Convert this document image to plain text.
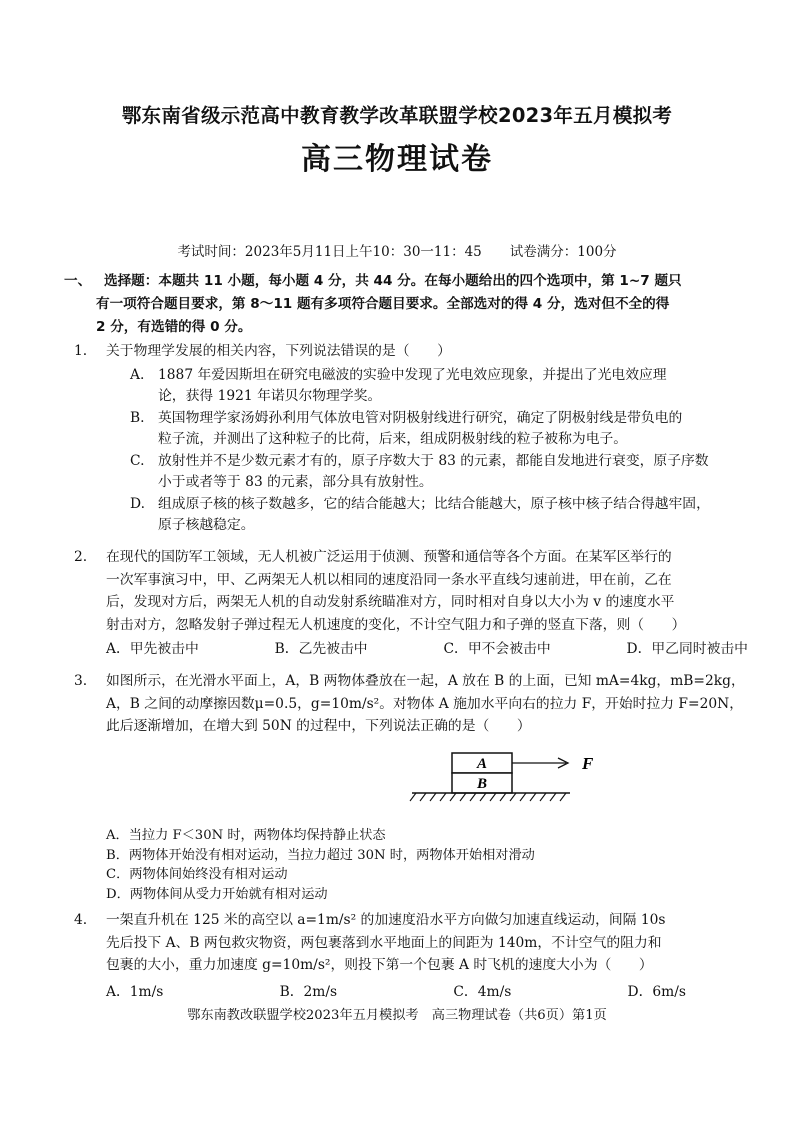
鄂东南省级示范高中教育教学改革联盟学校2023年五月模拟考
高三物理试卷
考试时间：2023年5月11日上午10：30一11：45 试卷满分：100分
一、 选择题：本题共 11 小题，每小题 4 分，共 44 分。在每小题给出的四个选项中，第 1~7 题只
有一项符合题目要求，第 8～11 题有多项符合题目要求。全部选对的得 4 分，选对但不全的得
2 分，有选错的得 0 分。
1. 关于物理学发展的相关内容，下列说法错误的是（　　）
A. 1887 年爱因斯坦在研究电磁波的实验中发现了光电效应现象，并提出了光电效应理
论，获得 1921 年诺贝尔物理学奖。
B. 英国物理学家汤姆孙利用气体放电管对阴极射线进行研究，确定了阴极射线是带负电的
粒子流，并测出了这种粒子的比荷，后来，组成阴极射线的粒子被称为电子。
C. 放射性并不是少数元素才有的，原子序数大于 83 的元素，都能自发地进行衰变，原子序数
小于或者等于 83 的元素，部分具有放射性。
D. 组成原子核的核子数越多，它的结合能越大；比结合能越大，原子核中核子结合得越牢固，
原子核越稳定。
2. 在现代的国防军工领域，无人机被广泛运用于侦测、预警和通信等各个方面。在某军区举行的
一次军事演习中，甲、乙两架无人机以相同的速度沿同一条水平直线匀速前进，甲在前，乙在
后，发现对方后，两架无人机的自动发射系统瞄准对方，同时相对自身以大小为 v 的速度水平
射击对方，忽略发射子弹过程无人机速度的变化，不计空气阻力和子弹的竖直下落，则（　　）
A．甲先被击中	B．乙先被击中	C．甲不会被击中	D．甲乙同时被击中
3. 如图所示，在光滑水平面上，A，B 两物体叠放在一起，A 放在 B 的上面，已知 mA=4kg，mB=2kg，
A，B 之间的动摩擦因数μ=0.5，g=10m/s²。对物体 A 施加水平向右的拉力 F，开始时拉力 F=20N，
此后逐渐增加，在增大到 50N 的过程中，下列说法正确的是（　　）
A
B
F
A．当拉力 F＜30N 时，两物体均保持静止状态
B．两物体开始没有相对运动，当拉力超过 30N 时，两物体开始相对滑动
C．两物体间始终没有相对运动
D．两物体间从受力开始就有相对运动
4. 一架直升机在 125 米的高空以 a=1m/s² 的加速度沿水平方向做匀加速直线运动，间隔 10s
先后投下 A、B 两包救灾物资，两包裹落到水平地面上的间距为 140m，不计空气的阻力和
包裹的大小，重力加速度 g=10m/s²，则投下第一个包裹 A 时飞机的速度大小为（　　）
A．1m/s	B．2m/s	C．4m/s	D．6m/s
鄂东南教改联盟学校2023年五月模拟考　高三物理试卷（共6页）第1页
